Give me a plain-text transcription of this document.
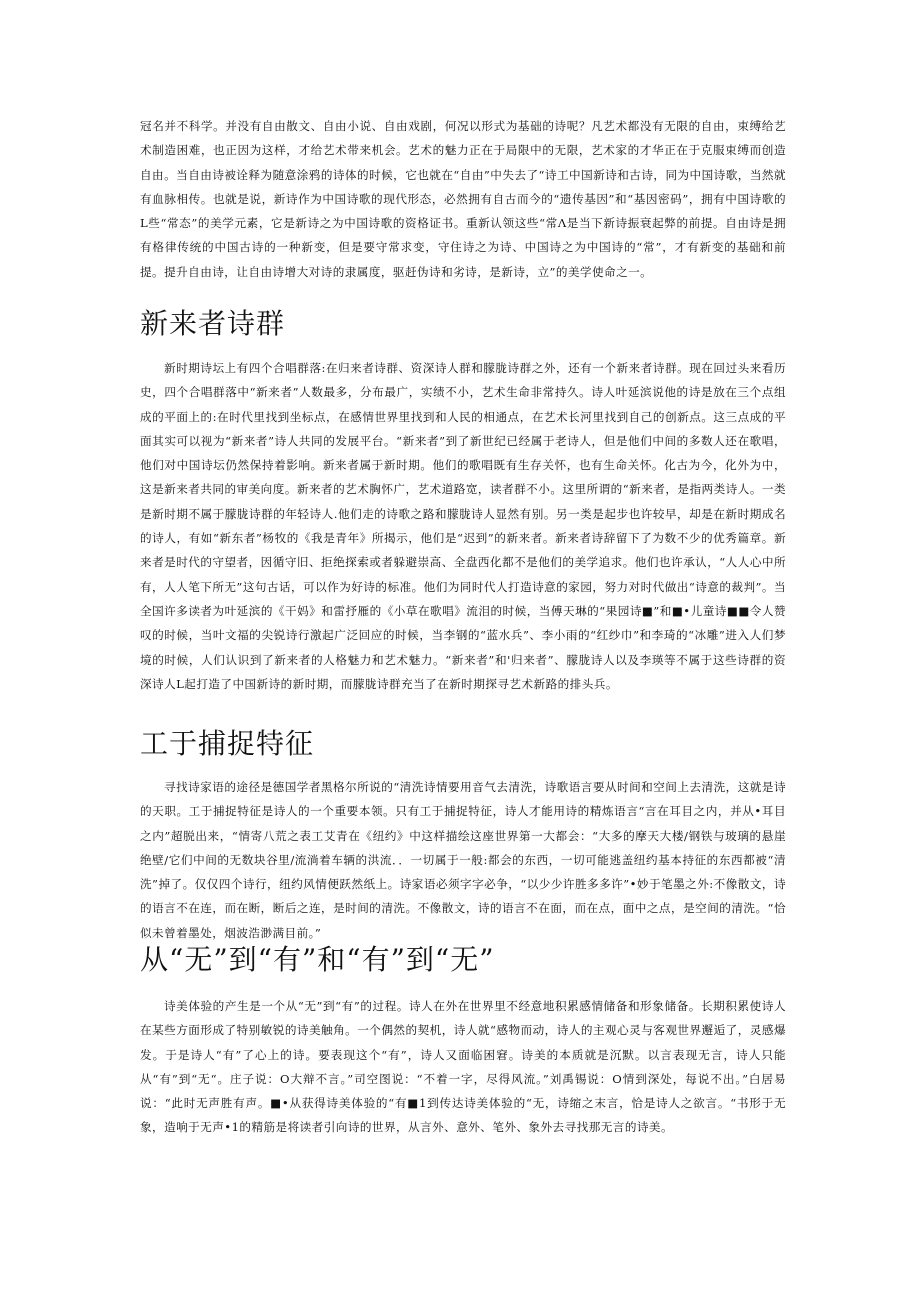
冠名并不科学。并没有自由散文、自由小说、自由戏剧，何况以形式为基础的诗呢？凡艺术都没有无限的自由，束缚给艺术制造困难，也正因为这样，才给艺术带来机会。艺术的魅力正在于局限中的无限，艺术家的才华正在于克服束缚而创造自由。当自由诗被诠释为随意涂鸦的诗体的时候，它也就在“自由”中失去了“诗工中国新诗和古诗，同为中国诗歌，当然就有血脉相传。也就是说，新诗作为中国诗歌的现代形态，必然拥有自古而今的“遗传基因”和“基因密码”，拥有中国诗歌的L些“常态”的美学元素，它是新诗之为中国诗歌的资格证书。重新认领这些“常Λ是当下新诗振衰起弊的前提。自由诗是拥有格律传统的中国古诗的一种新变，但是要守常求变，守住诗之为诗、中国诗之为中国诗的“常”，才有新变的基础和前提。提升自由诗，让自由诗增大对诗的隶属度，驱赶伪诗和劣诗，是新诗，立”的美学使命之一。

新来者诗群

新时期诗坛上有四个合唱群落:在归来者诗群、资深诗人群和朦胧诗群之外，还有一个新来者诗群。现在回过头来看历史，四个合唱群落中“新来者”人数最多，分布最广，实绩不小，艺术生命非常持久。诗人叶延滨说他的诗是放在三个点组成的平面上的:在时代里找到坐标点，在感情世界里找到和人民的相通点，在艺术长河里找到自己的创新点。这三点成的平面其实可以视为“新来者”诗人共同的发展平台。“新来者”到了新世纪已经属于老诗人，但是他们中间的多数人还在歌唱，他们对中国诗坛仍然保持着影响。新来者属于新时期。他们的歌唱既有生存关怀，也有生命关怀。化古为今，化外为中，这是新来者共同的审美向度。新来者的艺术胸怀广，艺术道路宽，读者群不小。这里所谓的“新来者，是指两类诗人。一类是新时期不属于朦胧诗群的年轻诗人.他们走的诗歌之路和朦胧诗人显然有别。另一类是起步也许较早，却是在新时期成名的诗人，有如“新东者”杨牧的《我是青年》所揭示，他们是“迟到”的新来者。新来者诗辞留下了为数不少的优秀篇章。新来者是时代的守望者，因循守旧、拒绝探索或者躲避崇高、全盘西化都不是他们的美学追求。他们也许承认，“人人心中所有，人人笔下所无”这句古话，可以作为好诗的标准。他们为同时代人打造诗意的家园，努力对时代做出“诗意的裁判”。当全国许多读者为叶延滨的《干妈》和雷抒雁的《小草在歌唱》流泪的时候，当傅天琳的“果园诗■”和■•儿童诗■■令人赞叹的时候，当叶文福的尖锐诗行激起广泛回应的时候，当李钢的“蓝水兵”、李小雨的“红纱巾”和李琦的“冰雕”进入人们梦境的时候，人们认识到了新来者的人格魅力和艺术魅力。“新来者”和'归来者”、朦胧诗人以及李瑛等不属于这些诗群的资深诗人L起打造了中国新诗的新时期，而朦胧诗群充当了在新时期探寻艺术新路的排头兵。

工于捕捉特征

寻找诗家语的途径是德国学者黑格尔所说的“清洗诗情要用音气去清洗，诗歌语言要从时间和空间上去清洗，这就是诗的天职。工于捕捉特征是诗人的一个重要本领。只有工于捕捉特征，诗人才能用诗的精炼语言“言在耳目之内，并从•耳目之内”超脱出来，“情寄八荒之表工艾青在《纽约》中这样描绘这座世界第一大都会：“大多的摩天大楼/钢铁与玻璃的悬崖绝壁/它们中间的无数块谷里/流淌着车辆的洪流．．一切属于一般:都会的东西，一切可能逃盖纽约基本持征的东西都被“清洗”掉了。仅仅四个诗行，纽约风情便跃然纸上。诗家语必须字字必争，“以少少许胜多多许”•妙于笔墨之外:不像散文，诗的语言不在连，而在断，断后之连，是时间的清洗。不像散文，诗的语言不在面，而在点，面中之点，是空间的清洗。“恰似未曾着墨处，烟波浩渺满目前。”

从“无”到“有”和“有”到“无”

诗美体验的产生是一个从“无”到“有”的过程。诗人在外在世界里不经意地积累感情储备和形象储备。长期积累使诗人在某些方面形成了特别敏锐的诗美触角。一个偶然的契机，诗人就“感物而动，诗人的主观心灵与客观世界邂逅了，灵感爆发。于是诗人“有”了心上的诗。要表现这个“有”，诗人又面临困窘。诗美的本质就是沉默。以言表现无言，诗人只能从“有”到“无“。庄子说：O大辩不言。”司空图说：“不着一字，尽得风流。”刘禹锡说：O情到深处，每说不出。”白居易说：“此时无声胜有声。■•从获得诗美体验的“有■1到传达诗美体验的“无，诗缩之末言，恰是诗人之欲言。“书形于无象，造响于无声•1的精筋是将读者引向诗的世界，从言外、意外、笔外、象外去寻找那无言的诗美。
